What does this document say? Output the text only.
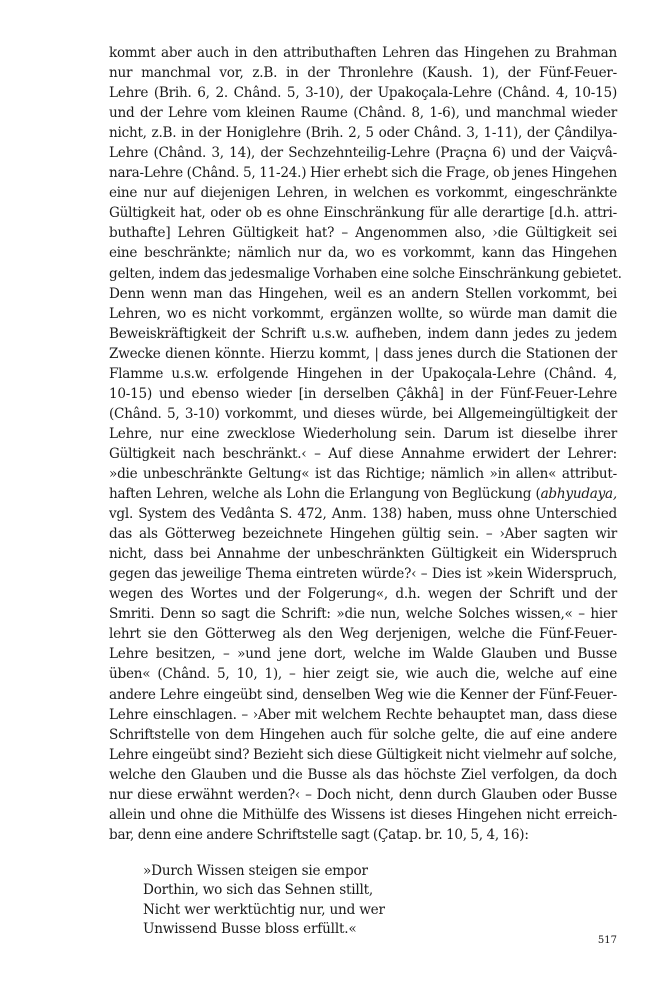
kommt aber auch in den attributhaften Lehren das Hingehen zu Brahman
nur manchmal vor, z.B. in der Thronlehre (Kaush. 1), der Fünf-Feuer-
Lehre (Brih. 6, 2. Chând. 5, 3-10), der Upakoçala-Lehre (Chând. 4, 10-15)
und der Lehre vom kleinen Raume (Chând. 8, 1-6), und manchmal wieder
nicht, z.B. in der Honiglehre (Brih. 2, 5 oder Chând. 3, 1-11), der Çândilya-
Lehre (Chând. 3, 14), der Sechzehnteilig-Lehre (Praçna 6) und der Vaiçvâ-
nara-Lehre (Chând. 5, 11-24.) Hier erhebt sich die Frage, ob jenes Hingehen
eine nur auf diejenigen Lehren, in welchen es vorkommt, eingeschränkte
Gültigkeit hat, oder ob es ohne Einschränkung für alle derartige [d.h. attri-
buthafte] Lehren Gültigkeit hat? – Angenommen also, ›die Gültigkeit sei
eine beschränkte; nämlich nur da, wo es vorkommt, kann das Hingehen
gelten, indem das jedesmalige Vorhaben eine solche Einschränkung gebietet.
Denn wenn man das Hingehen, weil es an andern Stellen vorkommt, bei
Lehren, wo es nicht vorkommt, ergänzen wollte, so würde man damit die
Beweiskräftigkeit der Schrift u.s.w. aufheben, indem dann jedes zu jedem
Zwecke dienen könnte. Hierzu kommt, | dass jenes durch die Stationen der
Flamme u.s.w. erfolgende Hingehen in der Upakoçala-Lehre (Chând. 4,
10-15) und ebenso wieder [in derselben Çâkhâ] in der Fünf-Feuer-Lehre
(Chând. 5, 3-10) vorkommt, und dieses würde, bei Allgemeingültigkeit der
Lehre, nur eine zwecklose Wiederholung sein. Darum ist dieselbe ihrer
Gültigkeit nach beschränkt.‹ – Auf diese Annahme erwidert der Lehrer:
»die unbeschränkte Geltung« ist das Richtige; nämlich »in allen« attribut-
haften Lehren, welche als Lohn die Erlangung von Beglückung (abhyudaya,
vgl. System des Vedânta S. 472, Anm. 138) haben, muss ohne Unterschied
das als Götterweg bezeichnete Hingehen gültig sein. – ›Aber sagten wir
nicht, dass bei Annahme der unbeschränkten Gültigkeit ein Widerspruch
gegen das jeweilige Thema eintreten würde?‹ – Dies ist »kein Widerspruch,
wegen des Wortes und der Folgerung«, d.h. wegen der Schrift und der
Smriti. Denn so sagt die Schrift: »die nun, welche Solches wissen,« – hier
lehrt sie den Götterweg als den Weg derjenigen, welche die Fünf-Feuer-
Lehre besitzen, – »und jene dort, welche im Walde Glauben und Busse
üben« (Chând. 5, 10, 1), – hier zeigt sie, wie auch die, welche auf eine
andere Lehre eingeübt sind, denselben Weg wie die Kenner der Fünf-Feuer-
Lehre einschlagen. – ›Aber mit welchem Rechte behauptet man, dass diese
Schriftstelle von dem Hingehen auch für solche gelte, die auf eine andere
Lehre eingeübt sind? Bezieht sich diese Gültigkeit nicht vielmehr auf solche,
welche den Glauben und die Busse als das höchste Ziel verfolgen, da doch
nur diese erwähnt werden?‹ – Doch nicht, denn durch Glauben oder Busse
allein und ohne die Mithülfe des Wissens ist dieses Hingehen nicht erreich-
bar, denn eine andere Schriftstelle sagt (Çatap. br. 10, 5, 4, 16):
»Durch Wissen steigen sie empor
Dorthin, wo sich das Sehnen stillt,
Nicht wer werktüchtig nur, und wer
Unwissend Busse bloss erfüllt.«
517
